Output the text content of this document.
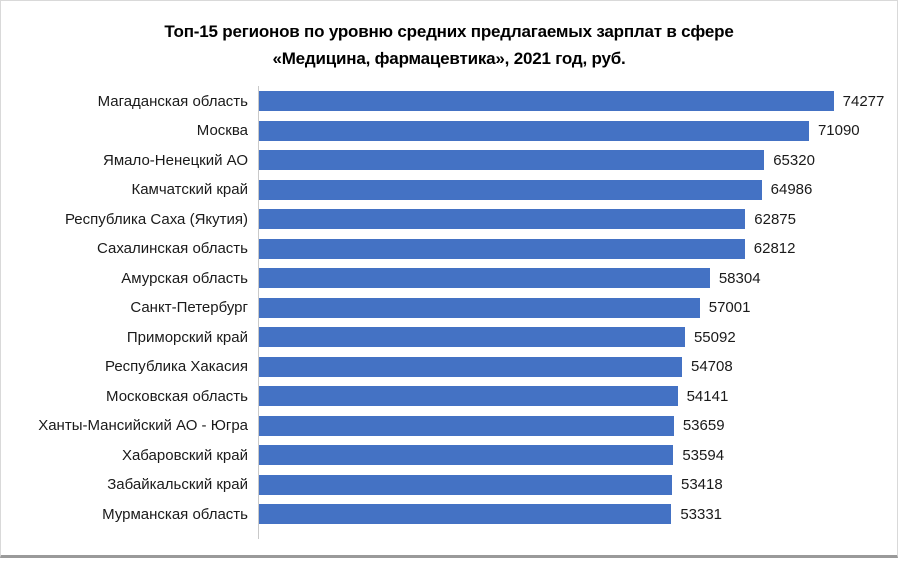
Топ-15 регионов по уровню средних предлагаемых зарплат в сфере
«Медицина, фармацевтика», 2021 год, руб.
Магаданская область	74277
Москва	71090
Ямало-Ненецкий АО	65320
Камчатский край	64986
Республика Саха (Якутия)	62875
Сахалинская область	62812
Амурская область	58304
Санкт-Петербург	57001
Приморский край	55092
Республика Хакасия	54708
Московская область	54141
Ханты-Мансийский АО - Югра	53659
Хабаровский край	53594
Забайкальский край	53418
Мурманская область	53331
